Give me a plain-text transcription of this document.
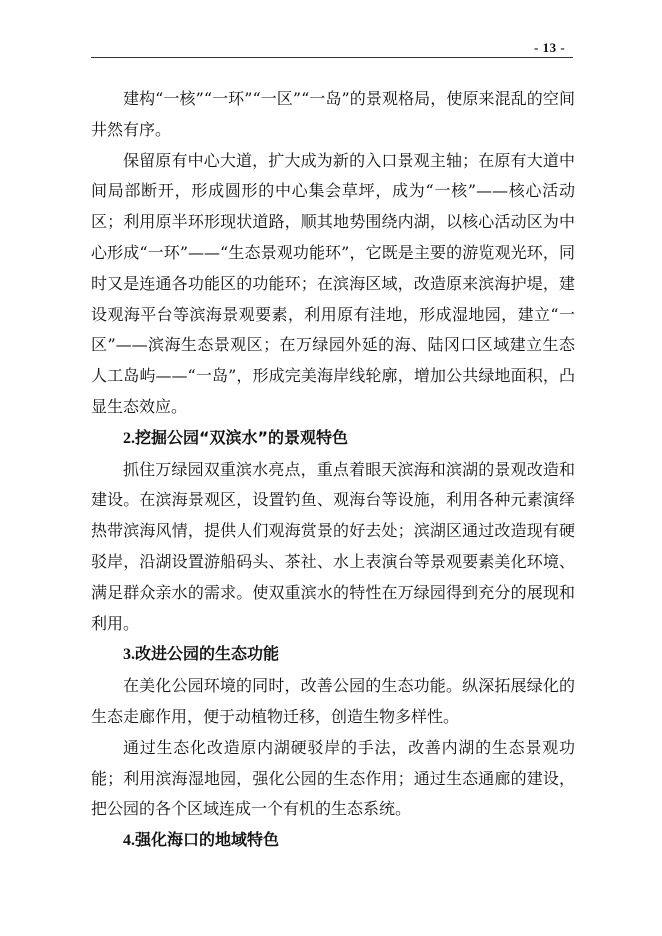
- 13 -

建构“一核”“一环”“一区”“一岛”的景观格局，使原来混乱的空间井然有序。

保留原有中心大道，扩大成为新的入口景观主轴；在原有大道中间局部断开，形成圆形的中心集会草坪，成为“一核”——核心活动区；利用原半环形现状道路，顺其地势围绕内湖，以核心活动区为中心形成“一环”——“生态景观功能环”，它既是主要的游览观光环，同时又是连通各功能区的功能环；在滨海区域，改造原来滨海护堤，建设观海平台等滨海景观要素，利用原有洼地，形成湿地园，建立“一区”——滨海生态景观区；在万绿园外延的海、陆冈口区域建立生态人工岛屿——“一岛”，形成完美海岸线轮廓，增加公共绿地面积，凸显生态效应。

2.挖掘公园“双滨水”的景观特色

抓住万绿园双重滨水亮点，重点着眼天滨海和滨湖的景观改造和建设。在滨海景观区，设置钓鱼、观海台等设施，利用各种元素演绎热带滨海风情，提供人们观海赏景的好去处；滨湖区通过改造现有硬驳岸，沿湖设置游船码头、茶社、水上表演台等景观要素美化环境、满足群众亲水的需求。使双重滨水的特性在万绿园得到充分的展现和利用。

3.改进公园的生态功能

在美化公园环境的同时，改善公园的生态功能。纵深拓展绿化的生态走廊作用，便于动植物迁移，创造生物多样性。

通过生态化改造原内湖硬驳岸的手法，改善内湖的生态景观功能；利用滨海湿地园，强化公园的生态作用；通过生态通廊的建设，把公园的各个区域连成一个有机的生态系统。

4.强化海口的地域特色
